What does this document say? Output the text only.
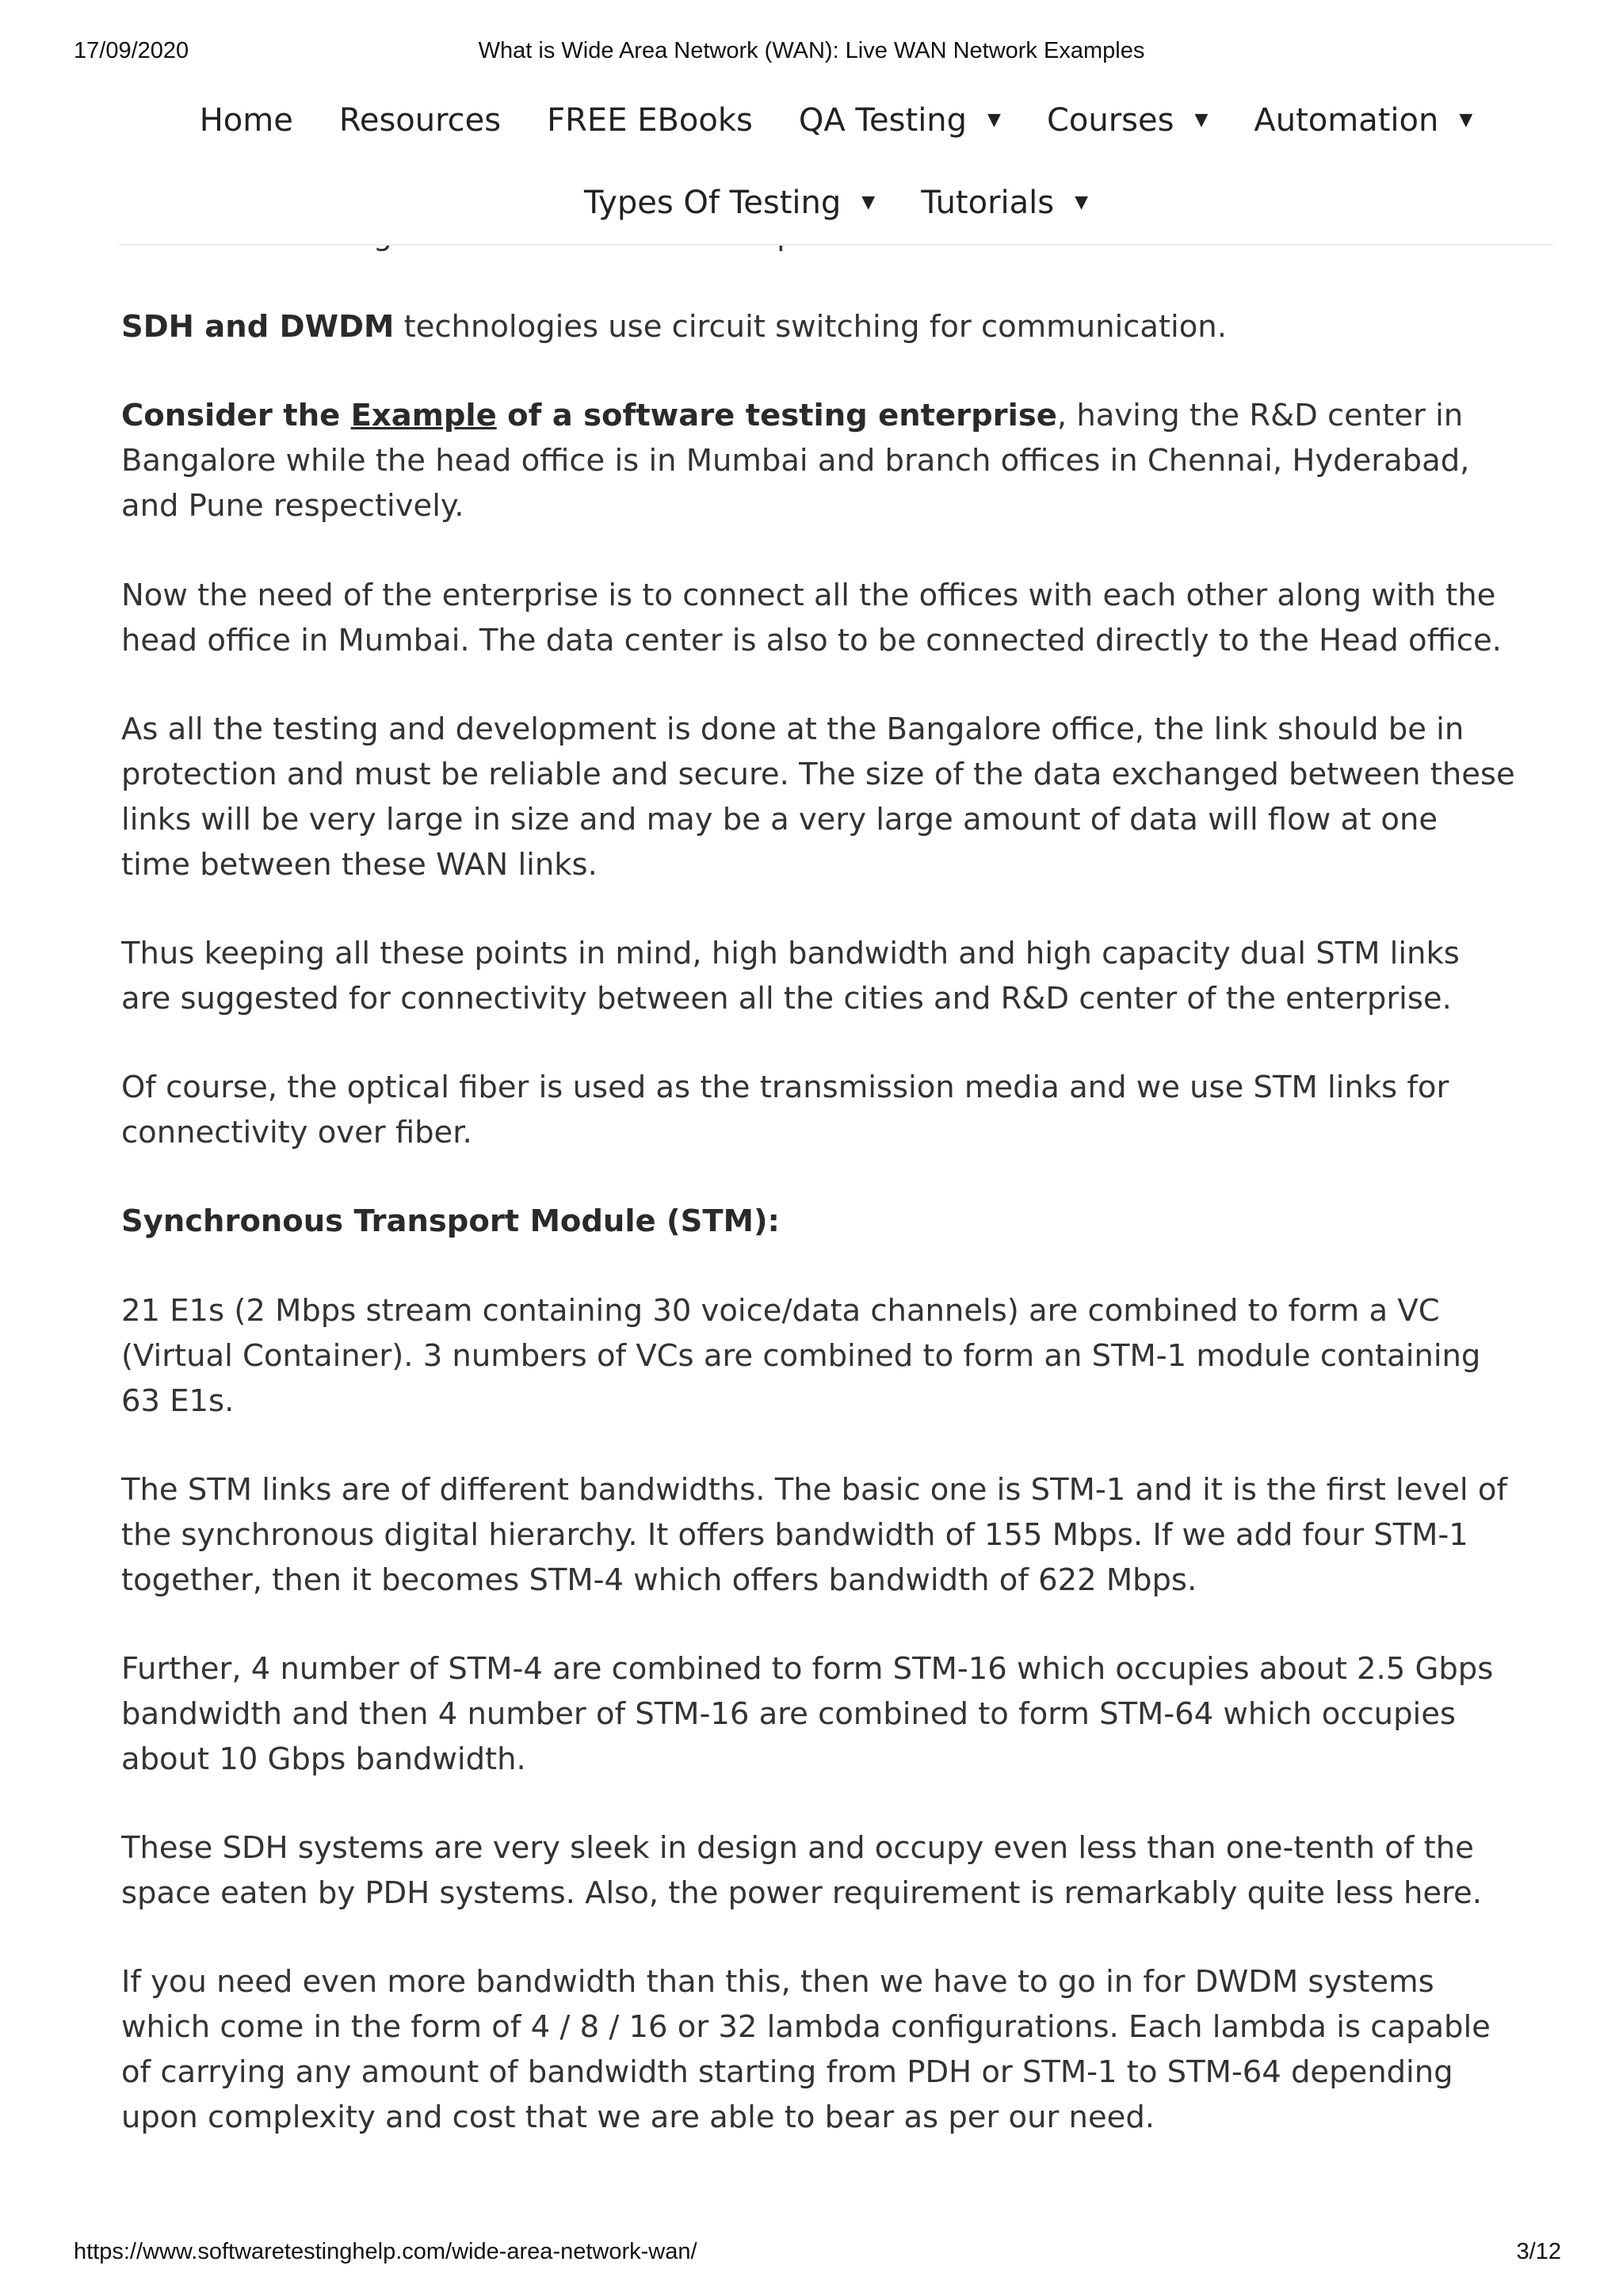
17/09/2020	What is Wide Area Network (WAN): Live WAN Network Examples
Home Resources FREE EBooks QA Testing ▼ Courses ▼ Automation ▼
Types Of Testing ▼ Tutorials ▼

SDH and DWDM technologies use circuit switching for communication.

Consider the Example of a software testing enterprise, having the R&D center in Bangalore while the head office is in Mumbai and branch offices in Chennai, Hyderabad, and Pune respectively.

Now the need of the enterprise is to connect all the offices with each other along with the head office in Mumbai. The data center is also to be connected directly to the Head office.

As all the testing and development is done at the Bangalore office, the link should be in protection and must be reliable and secure. The size of the data exchanged between these links will be very large in size and may be a very large amount of data will flow at one time between these WAN links.

Thus keeping all these points in mind, high bandwidth and high capacity dual STM links are suggested for connectivity between all the cities and R&D center of the enterprise.

Of course, the optical fiber is used as the transmission media and we use STM links for connectivity over fiber.

Synchronous Transport Module (STM):

21 E1s (2 Mbps stream containing 30 voice/data channels) are combined to form a VC (Virtual Container). 3 numbers of VCs are combined to form an STM-1 module containing 63 E1s.

The STM links are of different bandwidths. The basic one is STM-1 and it is the first level of the synchronous digital hierarchy. It offers bandwidth of 155 Mbps. If we add four STM-1 together, then it becomes STM-4 which offers bandwidth of 622 Mbps.

Further, 4 number of STM-4 are combined to form STM-16 which occupies about 2.5 Gbps bandwidth and then 4 number of STM-16 are combined to form STM-64 which occupies about 10 Gbps bandwidth.

These SDH systems are very sleek in design and occupy even less than one-tenth of the space eaten by PDH systems. Also, the power requirement is remarkably quite less here.

If you need even more bandwidth than this, then we have to go in for DWDM systems which come in the form of 4 / 8 / 16 or 32 lambda configurations. Each lambda is capable of carrying any amount of bandwidth starting from PDH or STM-1 to STM-64 depending upon complexity and cost that we are able to bear as per our need.

https://www.softwaretestinghelp.com/wide-area-network-wan/	3/12
